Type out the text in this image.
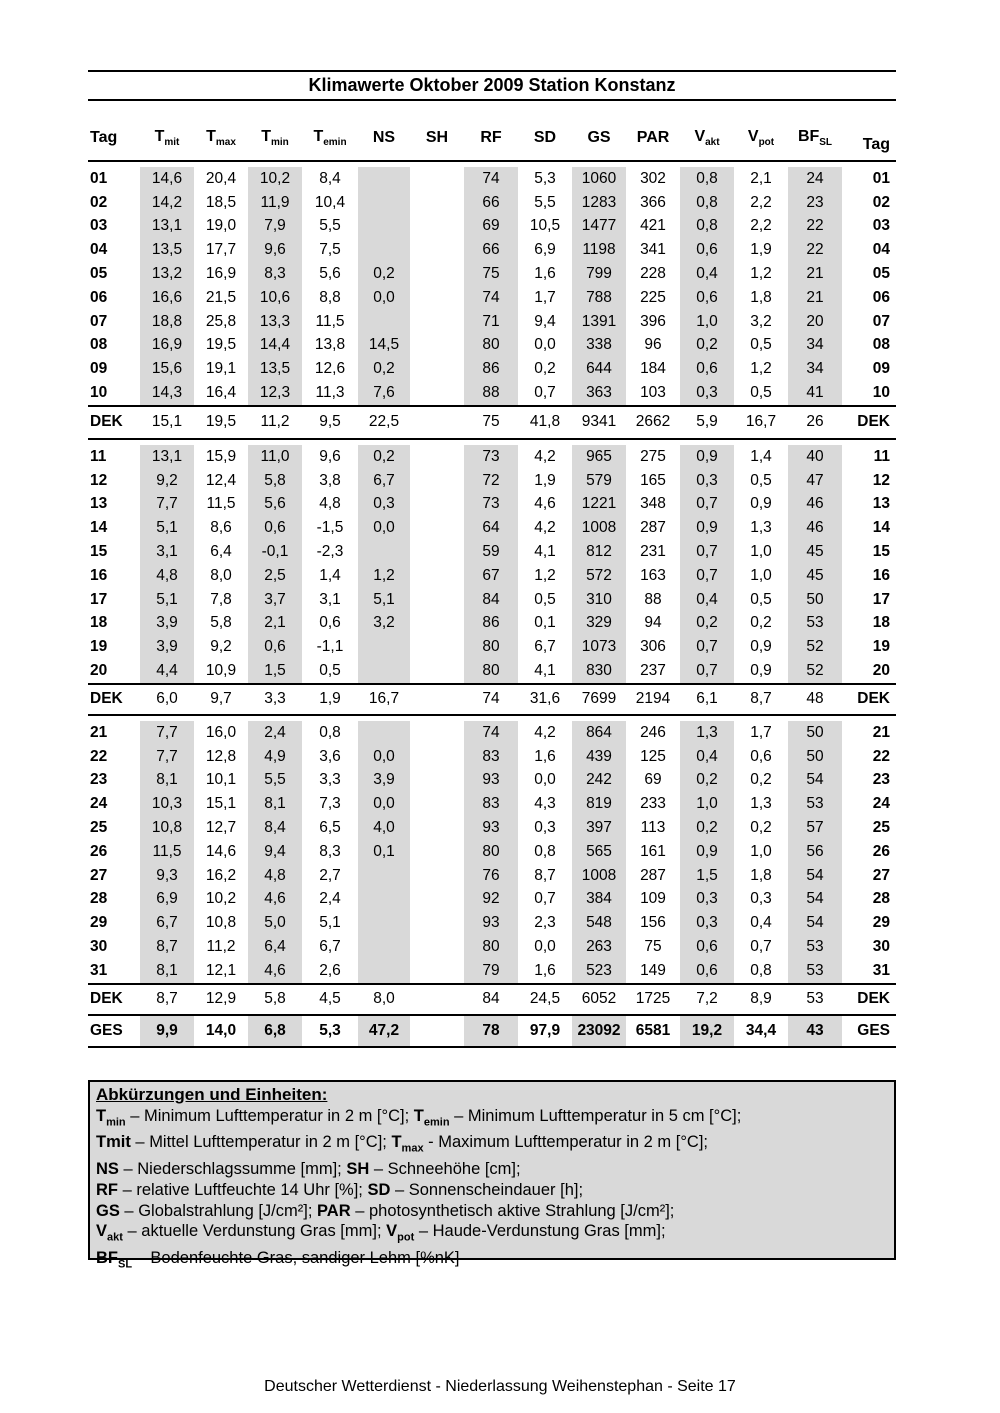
Klimawerte Oktober 2009 Station Konstanz
Tag	$T_{mit}$	$T_{max}$	$T_{min}$	$T_{emin}$	NS	SH	RF	SD	GS	PAR	$V_{akt}$	$V_{pot}$	$BF_{SL}$	Tag

01	14,6	20,4	10,2	8,4			74	5,3	1060	302	0,8	2,1	24	01
02	14,2	18,5	11,9	10,4			66	5,5	1283	366	0,8	2,2	23	02
03	13,1	19,0	7,9	5,5			69	10,5	1477	421	0,8	2,2	22	03
04	13,5	17,7	9,6	7,5			66	6,9	1198	341	0,6	1,9	22	04
05	13,2	16,9	8,3	5,6	0,2		75	1,6	799	228	0,4	1,2	21	05
06	16,6	21,5	10,6	8,8	0,0		74	1,7	788	225	0,6	1,8	21	06
07	18,8	25,8	13,3	11,5			71	9,4	1391	396	1,0	3,2	20	07
08	16,9	19,5	14,4	13,8	14,5		80	0,0	338	96	0,2	0,5	34	08
09	15,6	19,1	13,5	12,6	0,2		86	0,2	644	184	0,6	1,2	34	09
10	14,3	16,4	12,3	11,3	7,6		88	0,7	363	103	0,3	0,5	41	10

DEK	15,1	19,5	11,2	9,5	22,5		75	41,8	9341	2662	5,9	16,7	26	DEK

11	13,1	15,9	11,0	9,6	0,2		73	4,2	965	275	0,9	1,4	40	11
12	9,2	12,4	5,8	3,8	6,7		72	1,9	579	165	0,3	0,5	47	12
13	7,7	11,5	5,6	4,8	0,3		73	4,6	1221	348	0,7	0,9	46	13
14	5,1	8,6	0,6	-1,5	0,0		64	4,2	1008	287	0,9	1,3	46	14
15	3,1	6,4	-0,1	-2,3			59	4,1	812	231	0,7	1,0	45	15
16	4,8	8,0	2,5	1,4	1,2		67	1,2	572	163	0,7	1,0	45	16
17	5,1	7,8	3,7	3,1	5,1		84	0,5	310	88	0,4	0,5	50	17
18	3,9	5,8	2,1	0,6	3,2		86	0,1	329	94	0,2	0,2	53	18
19	3,9	9,2	0,6	-1,1			80	6,7	1073	306	0,7	0,9	52	19
20	4,4	10,9	1,5	0,5			80	4,1	830	237	0,7	0,9	52	20

DEK	6,0	9,7	3,3	1,9	16,7		74	31,6	7699	2194	6,1	8,7	48	DEK

21	7,7	16,0	2,4	0,8			74	4,2	864	246	1,3	1,7	50	21
22	7,7	12,8	4,9	3,6	0,0		83	1,6	439	125	0,4	0,6	50	22
23	8,1	10,1	5,5	3,3	3,9		93	0,0	242	69	0,2	0,2	54	23
24	10,3	15,1	8,1	7,3	0,0		83	4,3	819	233	1,0	1,3	53	24
25	10,8	12,7	8,4	6,5	4,0		93	0,3	397	113	0,2	0,2	57	25
26	11,5	14,6	9,4	8,3	0,1		80	0,8	565	161	0,9	1,0	56	26
27	9,3	16,2	4,8	2,7			76	8,7	1008	287	1,5	1,8	54	27
28	6,9	10,2	4,6	2,4			92	0,7	384	109	0,3	0,3	54	28
29	6,7	10,8	5,0	5,1			93	2,3	548	156	0,3	0,4	54	29
30	8,7	11,2	6,4	6,7			80	0,0	263	75	0,6	0,7	53	30
31	8,1	12,1	4,6	2,6			79	1,6	523	149	0,6	0,8	53	31

DEK	8,7	12,9	5,8	4,5	8,0		84	24,5	6052	1725	7,2	8,9	53	DEK

GES	9,9	14,0	6,8	5,3	47,2		78	97,9	23092	6581	19,2	34,4	43	GES

Abkürzungen und Einheiten:
$T_{min}$ – Minimum Lufttemperatur in 2 m [°C]; $T_{emin}$ – Minimum Lufttemperatur in 5 cm [°C];
Tmit – Mittel Lufttemperatur in 2 m [°C]; $T_{max}$ - Maximum Lufttemperatur in 2 m [°C];
NS – Niederschlagssumme [mm]; SH – Schneehöhe [cm];
RF – relative Luftfeuchte 14 Uhr [%]; SD – Sonnenscheindauer [h];
GS – Globalstrahlung [J/cm²]; PAR – photosynthetisch aktive Strahlung [J/cm²];
$V_{akt}$ – aktuelle Verdunstung Gras [mm]; $V_{pot}$ – Haude-Verdunstung Gras [mm];
$BF_{SL}$ – Bodenfeuchte Gras, sandiger Lehm [%nK]
Deutscher Wetterdienst - Niederlassung Weihenstephan - Seite 17
